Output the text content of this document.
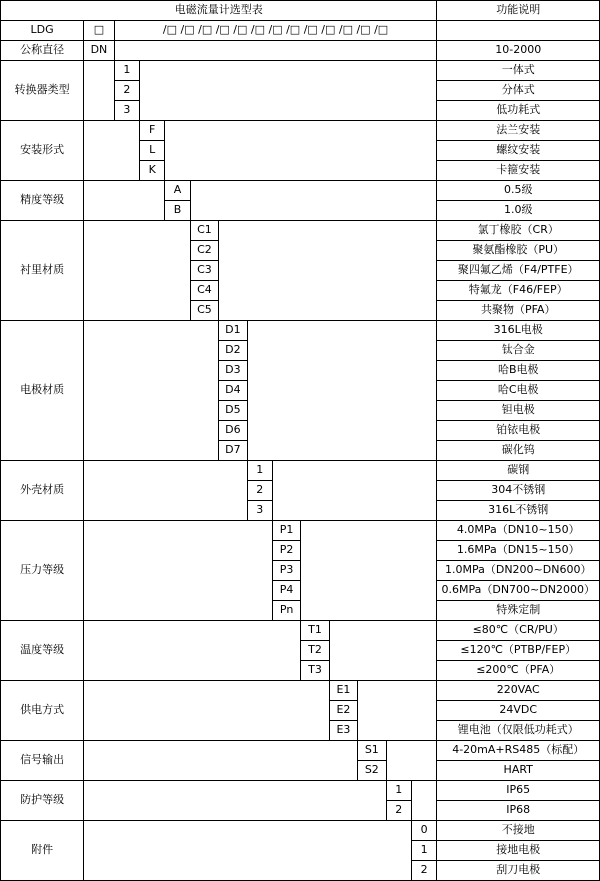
电磁流量计选型表														功能说明
LDG	□	/□ /□ /□ /□ /□ /□ /□ /□ /□ /□ /□ /□ /□												
公称直径	DN													10-2000
转换器类型		1												一体式
		2												分体式
		3												低功耗式
安装形式			F											法兰安装
			L											螺纹安装
			K											卡箍安装
精度等级				A										0.5级
				B										1.0级
衬里材质					C1									氯丁橡胶（CR）
					C2									聚氨酯橡胶（PU）
					C3									聚四氟乙烯（F4/PTFE）
					C4									特氟龙（F46/FEP）
					C5									共聚物（PFA）
电极材质						D1								316L电极
						D2								钛合金
						D3								哈B电极
						D4								哈C电极
						D5								钽电极
						D6								铂铱电极
						D7								碳化钨
外壳材质							1							碳钢
							2							304不锈钢
							3							316L不锈钢
压力等级								P1						4.0MPa（DN10~150）
								P2						1.6MPa（DN15~150）
								P3						1.0MPa（DN200~DN600）
								P4						0.6MPa（DN700~DN2000）
								Pn						特殊定制
温度等级									T1					≤80℃（CR/PU）
									T2					≤120℃（PTBP/FEP）
									T3					≤200℃（PFA）
供电方式										E1				220VAC
										E2				24VDC
										E3				锂电池（仅限低功耗式）
信号输出											S1			4-20mA+RS485（标配）
											S2			HART
防护等级												1		IP65
												2		IP68
附件													0	不接地
													1	接地电极
													2	刮刀电极
